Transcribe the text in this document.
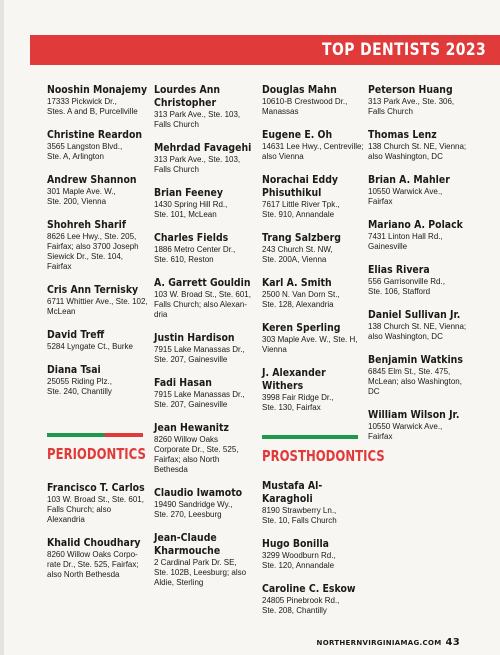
TOP DENTISTS 2023
Nooshin Monajemy
17333 Pickwick Dr.,
Stes. A and B, Purcellville
Christine Reardon
3565 Langston Blvd.,
Ste. A, Arlington
Andrew Shannon
301 Maple Ave. W.,
Ste. 200, Vienna
Shohreh Sharif
8626 Lee Hwy., Ste. 205,
Fairfax; also 3700 Joseph
Siewick Dr., Ste. 104,
Fairfax
Cris Ann Ternisky
6711 Whittier Ave., Ste. 102,
McLean
David Treff
5284 Lyngate Ct., Burke
Diana Tsai
25055 Riding Plz.,
Ste. 240, Chantilly
Lourdes Ann Christopher
313 Park Ave., Ste. 103,
Falls Church
Mehrdad Favagehi
313 Park Ave., Ste. 103,
Falls Church
Brian Feeney
1430 Spring Hill Rd.,
Ste. 101, McLean
Charles Fields
1886 Metro Center Dr.,
Ste. 610, Reston
A. Garrett Gouldin
103 W. Broad St., Ste. 601,
Falls Church; also Alexan-
dria
Justin Hardison
7915 Lake Manassas Dr.,
Ste. 207, Gainesville
Fadi Hasan
7915 Lake Manassas Dr.,
Ste. 207, Gainesville
Jean Hewanitz
8260 Willow Oaks
Corporate Dr., Ste. 525,
Fairfax; also North
Bethesda
Claudio Iwamoto
19490 Sandridge Wy.,
Ste. 270, Leesburg
Jean-Claude Kharmouche
2 Cardinal Park Dr. SE,
Ste. 102B, Leesburg; also
Aldie, Sterling
Douglas Mahn
10610-B Crestwood Dr.,
Manassas
Eugene E. Oh
14631 Lee Hwy., Centreville;
also Vienna
Norachai Eddy Phisuthikul
7617 Little River Tpk.,
Ste. 910, Annandale
Trang Salzberg
243 Church St. NW,
Ste. 200A, Vienna
Karl A. Smith
2500 N. Van Dorn St.,
Ste. 128, Alexandria
Keren Sperling
303 Maple Ave. W., Ste. H,
Vienna
J. Alexander Withers
3998 Fair Ridge Dr.,
Ste. 130, Fairfax
Peterson Huang
313 Park Ave., Ste. 306,
Falls Church
Thomas Lenz
138 Church St. NE, Vienna;
also Washington, DC
Brian A. Mahler
10550 Warwick Ave.,
Fairfax
Mariano A. Polack
7431 Linton Hall Rd.,
Gainesville
Elias Rivera
556 Garrisonville Rd.,
Ste. 106, Stafford
Daniel Sullivan Jr.
138 Church St. NE, Vienna;
also Washington, DC
Benjamin Watkins
6845 Elm St., Ste. 475,
McLean; also Washington,
DC
William Wilson Jr.
10550 Warwick Ave.,
Fairfax
PERIODONTICS
Francisco T. Carlos
103 W. Broad St., Ste. 601,
Falls Church; also
Alexandria
Khalid Choudhary
8260 Willow Oaks Corpo-
rate Dr., Ste. 525, Fairfax;
also North Bethesda
PROSTHODONTICS
Mustafa Al-Karagholi
8190 Strawberry Ln.,
Ste. 10, Falls Church
Hugo Bonilla
3299 Woodburn Rd.,
Ste. 120, Annandale
Caroline C. Eskow
24805 Pinebrook Rd.,
Ste. 208, Chantilly
NORTHERNVIRGINIAMAG.COM 43
